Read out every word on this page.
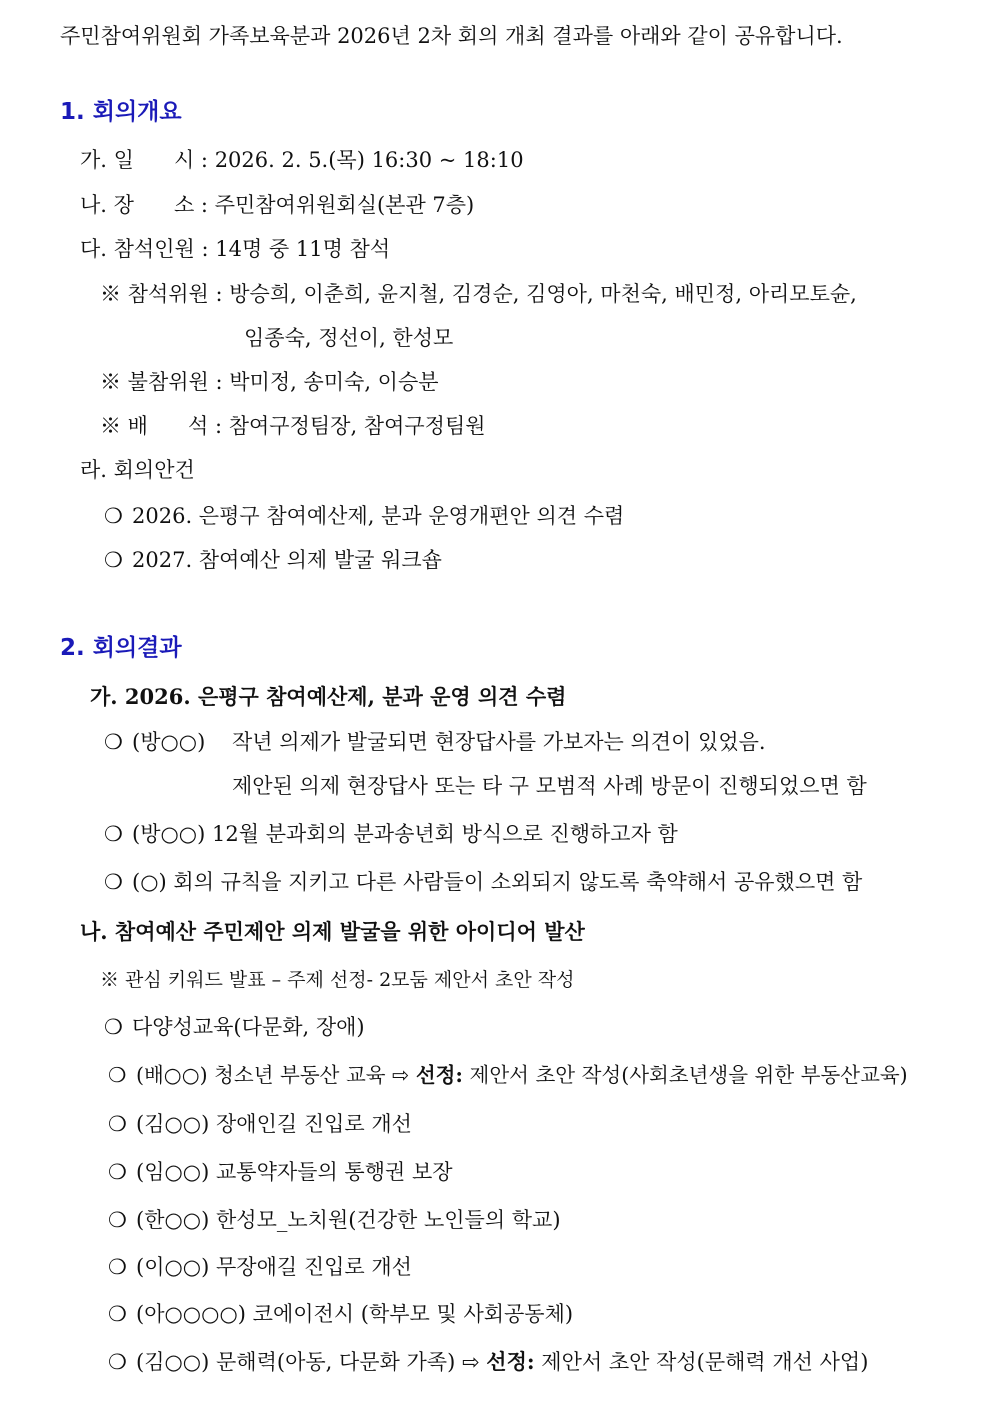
주민참여위원회 가족보육분과 2026년 2차 회의 개최 결과를 아래와 같이 공유합니다.
1. 회의개요
가. 일      시 : 2026. 2. 5.(목) 16:30 ~ 18:10
나. 장      소 : 주민참여위원회실(본관 7층)
다. 참석인원 : 14명 중 11명 참석
※ 참석위원 : 방승희, 이춘희, 윤지철, 김경순, 김영아, 마천숙, 배민정, 아리모토슌,
임종숙, 정선이, 한성모
※ 불참위원 : 박미정, 송미숙, 이승분
※ 배      석 : 참여구정팀장, 참여구정팀원
라. 회의안건
❍ 2026. 은평구 참여예산제, 분과 운영개편안 의견 수렴
❍ 2027. 참여예산 의제 발굴 워크숍
2. 회의결과
가. 2026. 은평구 참여예산제, 분과 운영 의견 수렴
❍ (방○○) 작년 의제가 발굴되면 현장답사를 가보자는 의견이 있었음.
제안된 의제 현장답사 또는 타 구 모범적 사례 방문이 진행되었으면 함
❍ (방○○) 12월 분과회의 분과송년회 방식으로 진행하고자 함
❍ (○) 회의 규칙을 지키고 다른 사람들이 소외되지 않도록 축약해서 공유했으면 함
나. 참여예산 주민제안 의제 발굴을 위한 아이디어 발산
※ 관심 키워드 발표 – 주제 선정- 2모둠 제안서 초안 작성
❍ 다양성교육(다문화, 장애)
❍ (배○○) 청소년 부동산 교육 ⇨ 선정: 제안서 초안 작성(사회초년생을 위한 부동산교육)
❍ (김○○) 장애인길 진입로 개선
❍ (임○○) 교통약자들의 통행권 보장
❍ (한○○) 한성모_노치원(건강한 노인들의 학교)
❍ (이○○) 무장애길 진입로 개선
❍ (아○○○○) 코에이전시 (학부모 및 사회공동체)
❍ (김○○) 문해력(아동, 다문화 가족) ⇨ 선정: 제안서 초안 작성(문해력 개선 사업)
